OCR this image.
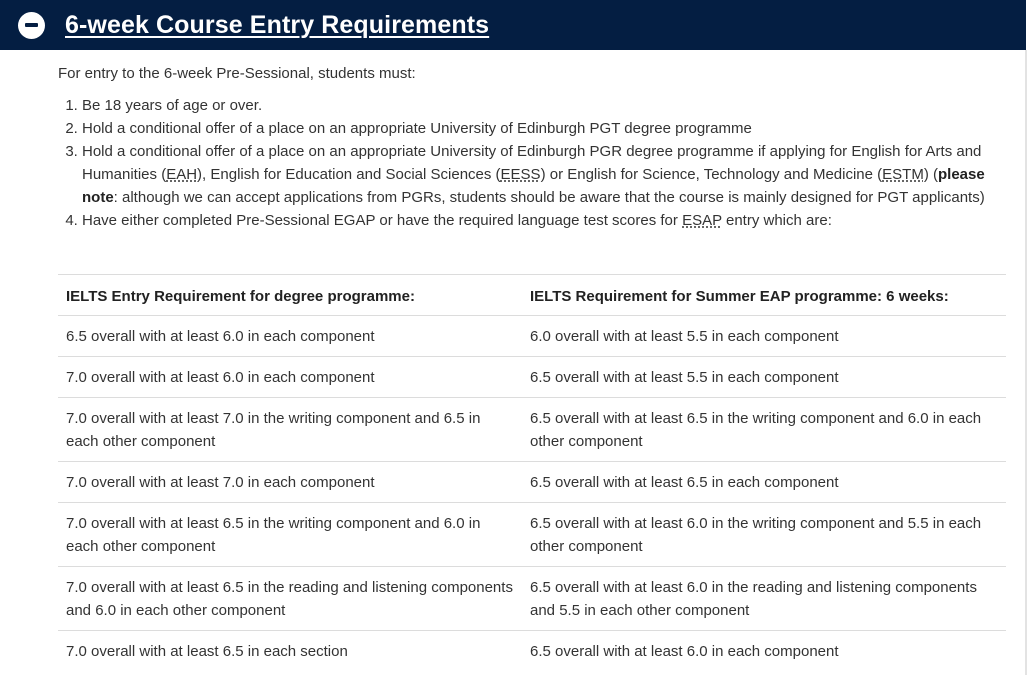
6-week Course Entry Requirements

For entry to the 6-week Pre-Sessional, students must:

1. Be 18 years of age or over.
2. Hold a conditional offer of a place on an appropriate University of Edinburgh PGT degree programme
3. Hold a conditional offer of a place on an appropriate University of Edinburgh PGR degree programme if applying for English for Arts and Humanities (EAH), English for Education and Social Sciences (EESS) or English for Science, Technology and Medicine (ESTM) (please note: although we can accept applications from PGRs, students should be aware that the course is mainly designed for PGT applicants)
4. Have either completed Pre-Sessional EGAP or have the required language test scores for ESAP entry which are:
IELTS Entry Requirement for degree programme:	IELTS Requirement for Summer EAP programme: 6 weeks:
6.5 overall with at least 6.0 in each component	6.0 overall with at least 5.5 in each component
7.0 overall with at least 6.0 in each component	6.5 overall with at least 5.5 in each component
7.0 overall with at least 7.0 in the writing component and 6.5 in each other component	6.5 overall with at least 6.5 in the writing component and 6.0 in each other component
7.0 overall with at least 7.0 in each component	6.5 overall with at least 6.5 in each component
7.0 overall with at least 6.5 in the writing component and 6.0 in each other component	6.5 overall with at least 6.0 in the writing component and 5.5 in each other component
7.0 overall with at least 6.5 in the reading and listening components and 6.0 in each other component	6.5 overall with at least 6.0 in the reading and listening components and 5.5 in each other component
7.0 overall with at least 6.5 in each section	6.5 overall with at least 6.0 in each component
